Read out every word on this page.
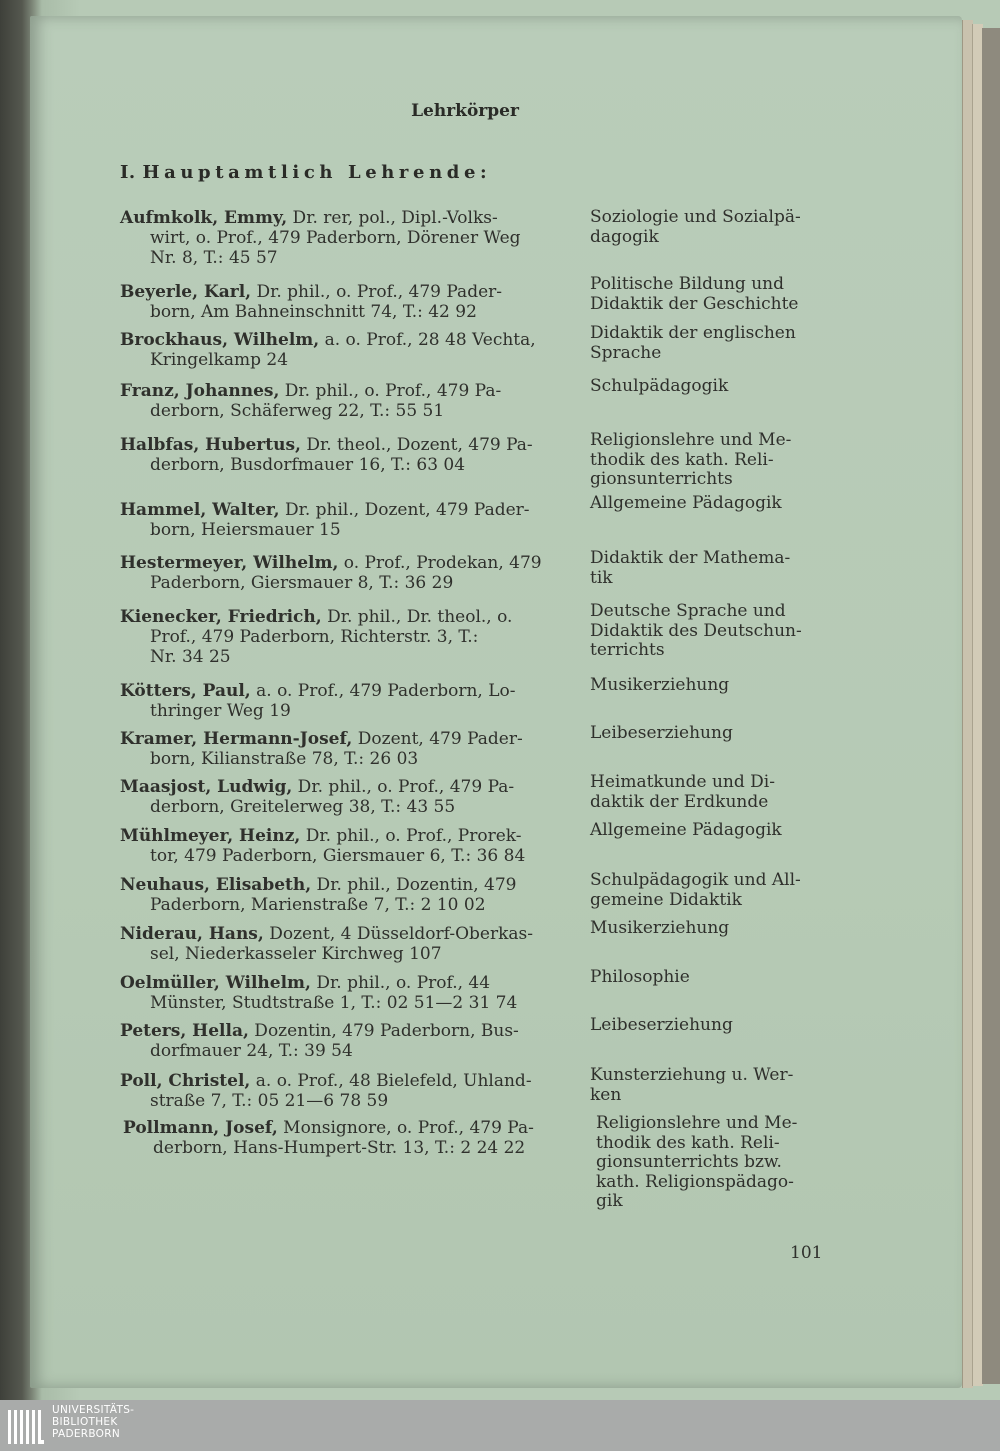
Lehrkörper
I. Hauptamtlich Lehrende:
Aufmkolk, Emmy, Dr. rer, pol., Dipl.-Volks-
wirt, o. Prof., 479 Paderborn, Dörener Weg
Nr. 8, T.: 45 57
Soziologie und Sozialpä-
dagogik
Beyerle, Karl, Dr. phil., o. Prof., 479 Pader-
born, Am Bahneinschnitt 74, T.: 42 92
Politische Bildung und
Didaktik der Geschichte
Brockhaus, Wilhelm, a. o. Prof., 28 48 Vechta,
Kringelkamp 24
Didaktik der englischen
Sprache
Franz, Johannes, Dr. phil., o. Prof., 479 Pa-
derborn, Schäferweg 22, T.: 55 51
Schulpädagogik
Halbfas, Hubertus, Dr. theol., Dozent, 479 Pa-
derborn, Busdorfmauer 16, T.: 63 04
Religionslehre und Me-
thodik des kath. Reli-
gionsunterrichts
Hammel, Walter, Dr. phil., Dozent, 479 Pader-
born, Heiersmauer 15
Allgemeine Pädagogik
Hestermeyer, Wilhelm, o. Prof., Prodekan, 479
Paderborn, Giersmauer 8, T.: 36 29
Didaktik der Mathema-
tik
Kienecker, Friedrich, Dr. phil., Dr. theol., o.
Prof., 479 Paderborn, Richterstr. 3, T.:
Nr. 34 25
Deutsche Sprache und
Didaktik des Deutschun-
terrichts
Kötters, Paul, a. o. Prof., 479 Paderborn, Lo-
thringer Weg 19
Musikerziehung
Kramer, Hermann-Josef, Dozent, 479 Pader-
born, Kilianstraße 78, T.: 26 03
Leibeserziehung
Maasjost, Ludwig, Dr. phil., o. Prof., 479 Pa-
derborn, Greitelerweg 38, T.: 43 55
Heimatkunde und Di-
daktik der Erdkunde
Mühlmeyer, Heinz, Dr. phil., o. Prof., Prorek-
tor, 479 Paderborn, Giersmauer 6, T.: 36 84
Allgemeine Pädagogik
Neuhaus, Elisabeth, Dr. phil., Dozentin, 479
Paderborn, Marienstraße 7, T.: 2 10 02
Schulpädagogik und All-
gemeine Didaktik
Niderau, Hans, Dozent, 4 Düsseldorf-Oberkas-
sel, Niederkasseler Kirchweg 107
Musikerziehung
Oelmüller, Wilhelm, Dr. phil., o. Prof., 44
Münster, Studtstraße 1, T.: 02 51—2 31 74
Philosophie
Peters, Hella, Dozentin, 479 Paderborn, Bus-
dorfmauer 24, T.: 39 54
Leibeserziehung
Poll, Christel, a. o. Prof., 48 Bielefeld, Uhland-
straße 7, T.: 05 21—6 78 59
Kunsterziehung u. Wer-
ken
Pollmann, Josef, Monsignore, o. Prof., 479 Pa-
derborn, Hans-Humpert-Str. 13, T.: 2 24 22
Religionslehre und Me-
thodik des kath. Reli-
gionsunterrichts bzw.
kath. Religionspädago-
gik
101
UNIVERSITÄTS-
BIBLIOTHEK
PADERBORN
